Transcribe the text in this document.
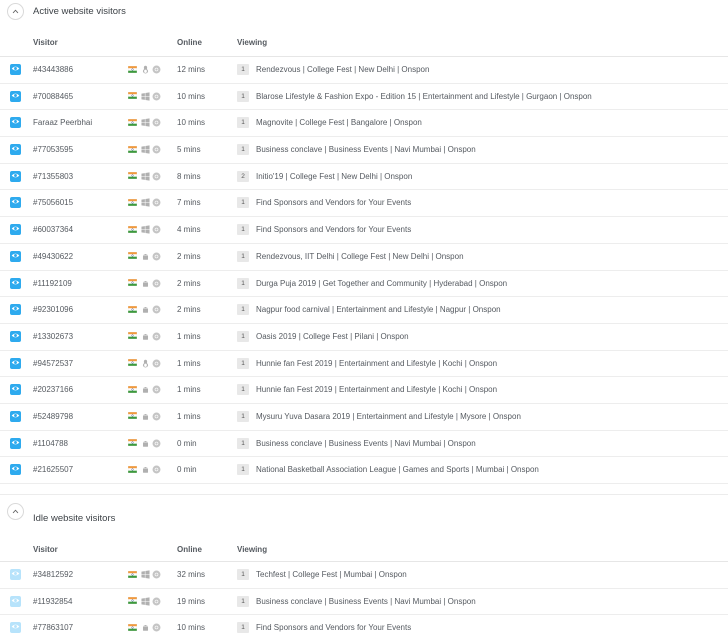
Active website visitors
Visitor	Online	Viewing
#43443886	12 mins	1	Rendezvous | College Fest | New Delhi | Onspon
#70088465	10 mins	1	Blarose Lifestyle & Fashion Expo - Edition 15 | Entertainment and Lifestyle | Gurgaon | Onspon
Faraaz Peerbhai	10 mins	1	Magnovite | College Fest | Bangalore | Onspon
#77053595	5 mins	1	Business conclave | Business Events | Navi Mumbai | Onspon
#71355803	8 mins	2	Initio'19 | College Fest | New Delhi | Onspon
#75056015	7 mins	1	Find Sponsors and Vendors for Your Events
#60037364	4 mins	1	Find Sponsors and Vendors for Your Events
#49430622	2 mins	1	Rendezvous, IIT Delhi | College Fest | New Delhi | Onspon
#11192109	2 mins	1	Durga Puja 2019 | Get Together and Community | Hyderabad | Onspon
#92301096	2 mins	1	Nagpur food carnival | Entertainment and Lifestyle | Nagpur | Onspon
#13302673	1 mins	1	Oasis 2019 | College Fest | Pilani | Onspon
#94572537	1 mins	1	Hunnie fan Fest 2019 | Entertainment and Lifestyle | Kochi | Onspon
#20237166	1 mins	1	Hunnie fan Fest 2019 | Entertainment and Lifestyle | Kochi | Onspon
#52489798	1 mins	1	Mysuru Yuva Dasara 2019 | Entertainment and Lifestyle | Mysore | Onspon
#1104788	0 min	1	Business conclave | Business Events | Navi Mumbai | Onspon
#21625507	0 min	1	National Basketball Association League | Games and Sports | Mumbai | Onspon
Idle website visitors
Visitor	Online	Viewing
#34812592	32 mins	1	Techfest | College Fest | Mumbai | Onspon
#11932854	19 mins	1	Business conclave | Business Events | Navi Mumbai | Onspon
#77863107	10 mins	1	Find Sponsors and Vendors for Your Events
